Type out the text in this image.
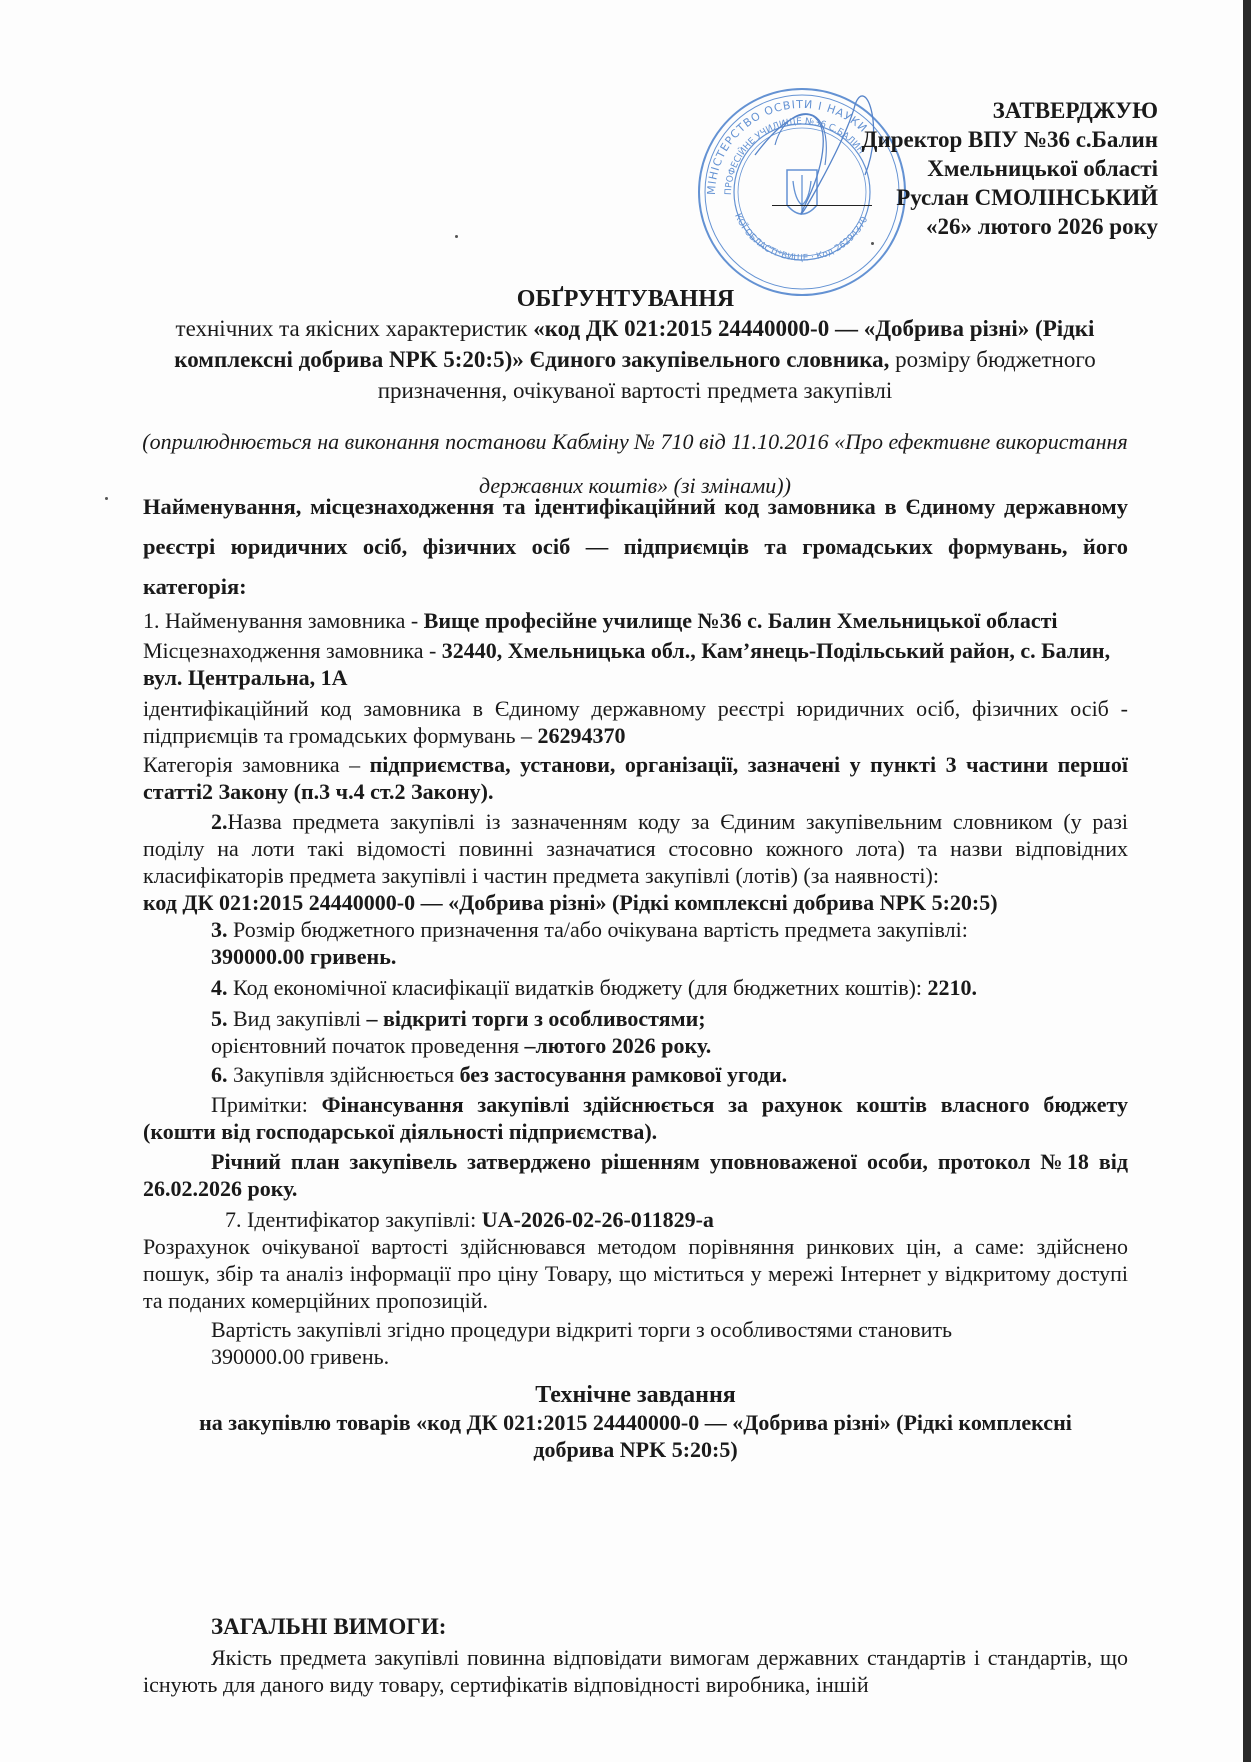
МІНІСТЕРСТВО ОСВІТИ І НАУКИ
ПРОФЕСІЙНЕ УЧИЛИЩЕ №36 С.БАЛИН
КОЇ ОБЛАСТІ*ВИЩЕ · Код 26294370
ЗАТВЕРДЖУЮ
Директор ВПУ №36 с.Балин
Хмельницької області
Руслан СМОЛІНСЬКИЙ
«26» лютого 2026 року
ОБҐРУНТУВАННЯ
технічних та якісних характеристик «код ДК 021:2015 24440000-0 — «Добрива різні» (Рідкі комплексні добрива NPK 5:20:5)» Єдиного закупівельного словника, розміру бюджетного призначення, очікуваної вартості предмета закупівлі
(оприлюднюється на виконання постанови Кабміну № 710 від 11.10.2016 «Про ефективне використання державних коштів» (зі змінами))
Найменування, місцезнаходження та ідентифікаційний код замовника в Єдиному державному реєстрі юридичних осіб, фізичних осіб — підприємців та громадських формувань, його категорія:

1. Найменування замовника - Вище професійне училище №36 с. Балин Хмельницької області

Місцезнаходження замовника - 32440, Хмельницька обл., Кам’янець-Подільський район, с. Балин, вул. Центральна, 1А

ідентифікаційний код замовника в Єдиному державному реєстрі юридичних осіб, фізичних осіб - підприємців та громадських формувань – 26294370

Категорія замовника – підприємства, установи, організації, зазначені у пункті 3 частини першої статті2 Закону (п.3 ч.4 ст.2 Закону).

2.Назва предмета закупівлі із зазначенням коду за Єдиним закупівельним словником (у разі поділу на лоти такі відомості повинні зазначатися стосовно кожного лота) та назви відповідних класифікаторів предмета закупівлі і частин предмета закупівлі (лотів) (за наявності):

код ДК 021:2015 24440000-0 — «Добрива різні» (Рідкі комплексні добрива NPK 5:20:5)

3. Розмір бюджетного призначення та/або очікувана вартість предмета закупівлі:

390000.00 гривень.

4. Код економічної класифікації видатків бюджету (для бюджетних коштів): 2210.

5. Вид закупівлі – відкриті торги з особливостями;

орієнтовний початок проведення –лютого 2026 року.

6. Закупівля здійснюється без застосування рамкової угоди.

Примітки: Фінансування закупівлі здійснюється за рахунок коштів власного бюджету (кошти від господарської діяльності підприємства).

Річний план закупівель затверджено рішенням уповноваженої особи, протокол №18 від 26.02.2026 року.

7. Ідентифікатор закупівлі: UA-2026-02-26-011829-a

Розрахунок очікуваної вартості здійснювався методом порівняння ринкових цін, а саме: здійснено пошук, збір та аналіз інформації про ціну Товару, що міститься у мережі Інтернет у відкритому доступі та поданих комерційних пропозицій.

Вартість закупівлі згідно процедури відкриті торги з особливостями становить

390000.00 гривень.

Технічне завдання

на закупівлю товарів «код ДК 021:2015 24440000-0 — «Добрива різні» (Рідкі комплексні добрива NPK 5:20:5)

ЗАГАЛЬНІ ВИМОГИ:
Якість предмета закупівлі повинна відповідати вимогам державних стандартів і стандартів, що існують для даного виду товару, сертифікатів відповідності виробника, іншій
